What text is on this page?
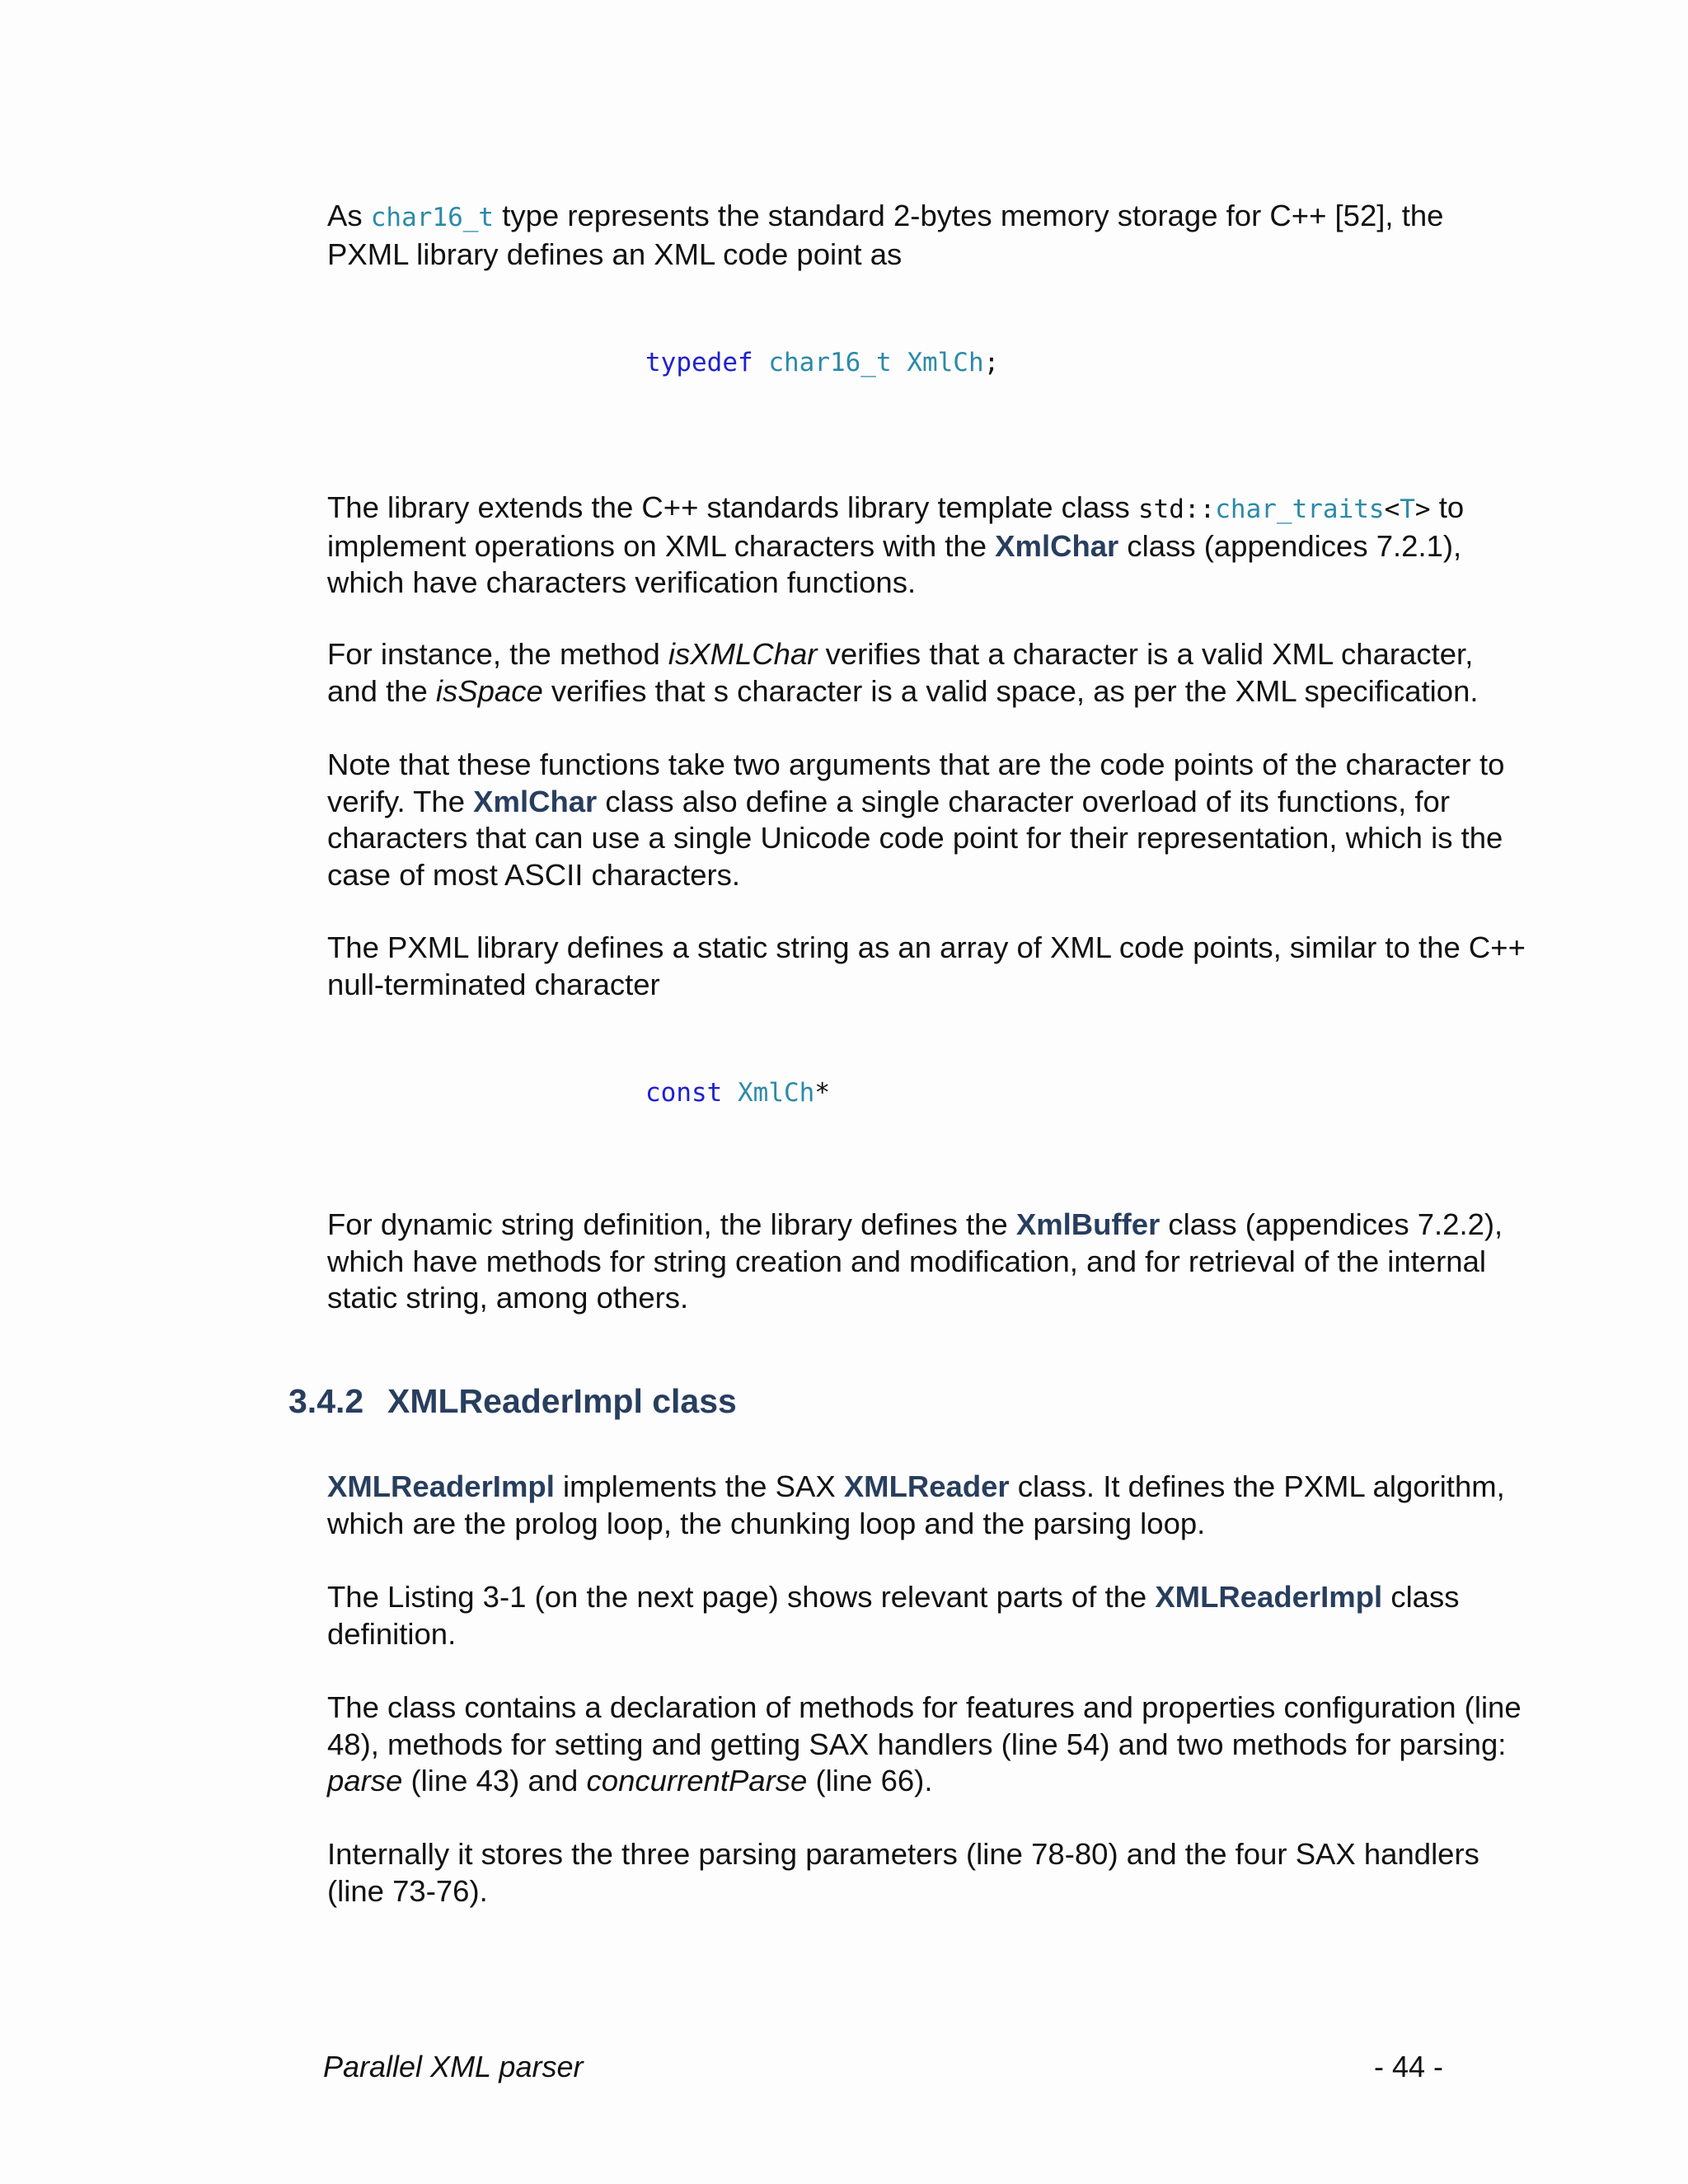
As char16_t type represents the standard 2-bytes memory storage for C++ [52], the PXML library defines an XML code point as

typedef char16_t XmlCh;

The library extends the C++ standards library template class std::char_traits<T> to implement operations on XML characters with the XmlChar class (appendices 7.2.1), which have characters verification functions.

For instance, the method isXMLChar verifies that a character is a valid XML character, and the isSpace verifies that s character is a valid space, as per the XML specification.

Note that these functions take two arguments that are the code points of the character to verify. The XmlChar class also define a single character overload of its functions, for characters that can use a single Unicode code point for their representation, which is the case of most ASCII characters.

The PXML library defines a static string as an array of XML code points, similar to the C++ null-terminated character

const XmlCh*

For dynamic string definition, the library defines the XmlBuffer class (appendices 7.2.2), which have methods for string creation and modification, and for retrieval of the internal static string, among others.

3.4.2 XMLReaderImpl class

XMLReaderImpl implements the SAX XMLReader class. It defines the PXML algorithm, which are the prolog loop, the chunking loop and the parsing loop.

The Listing 3-1 (on the next page) shows relevant parts of the XMLReaderImpl class definition.

The class contains a declaration of methods for features and properties configuration (line 48), methods for setting and getting SAX handlers (line 54) and two methods for parsing: parse (line 43) and concurrentParse (line 66).

Internally it stores the three parsing parameters (line 78-80) and the four SAX handlers (line 73-76).

Parallel XML parser	- 44 -
